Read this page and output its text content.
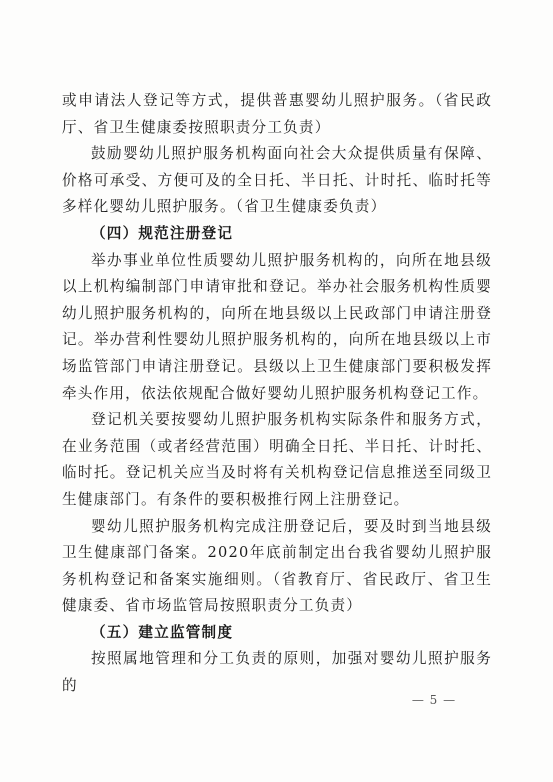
或申请法人登记等方式，提供普惠婴幼儿照护服务。（省民政厅、省卫生健康委按照职责分工负责）

鼓励婴幼儿照护服务机构面向社会大众提供质量有保障、价格可承受、方便可及的全日托、半日托、计时托、临时托等多样化婴幼儿照护服务。（省卫生健康委负责）

（四）规范注册登记

举办事业单位性质婴幼儿照护服务机构的，向所在地县级以上机构编制部门申请审批和登记。举办社会服务机构性质婴幼儿照护服务机构的，向所在地县级以上民政部门申请注册登记。举办营利性婴幼儿照护服务机构的，向所在地县级以上市场监管部门申请注册登记。县级以上卫生健康部门要积极发挥牵头作用，依法依规配合做好婴幼儿照护服务机构登记工作。

登记机关要按婴幼儿照护服务机构实际条件和服务方式，在业务范围（或者经营范围）明确全日托、半日托、计时托、临时托。登记机关应当及时将有关机构登记信息推送至同级卫生健康部门。有条件的要积极推行网上注册登记。

婴幼儿照护服务机构完成注册登记后，要及时到当地县级卫生健康部门备案。2020年底前制定出台我省婴幼儿照护服务机构登记和备案实施细则。（省教育厅、省民政厅、省卫生健康委、省市场监管局按照职责分工负责）

（五）建立监管制度

按照属地管理和分工负责的原则，加强对婴幼儿照护服务的

— 5 —
